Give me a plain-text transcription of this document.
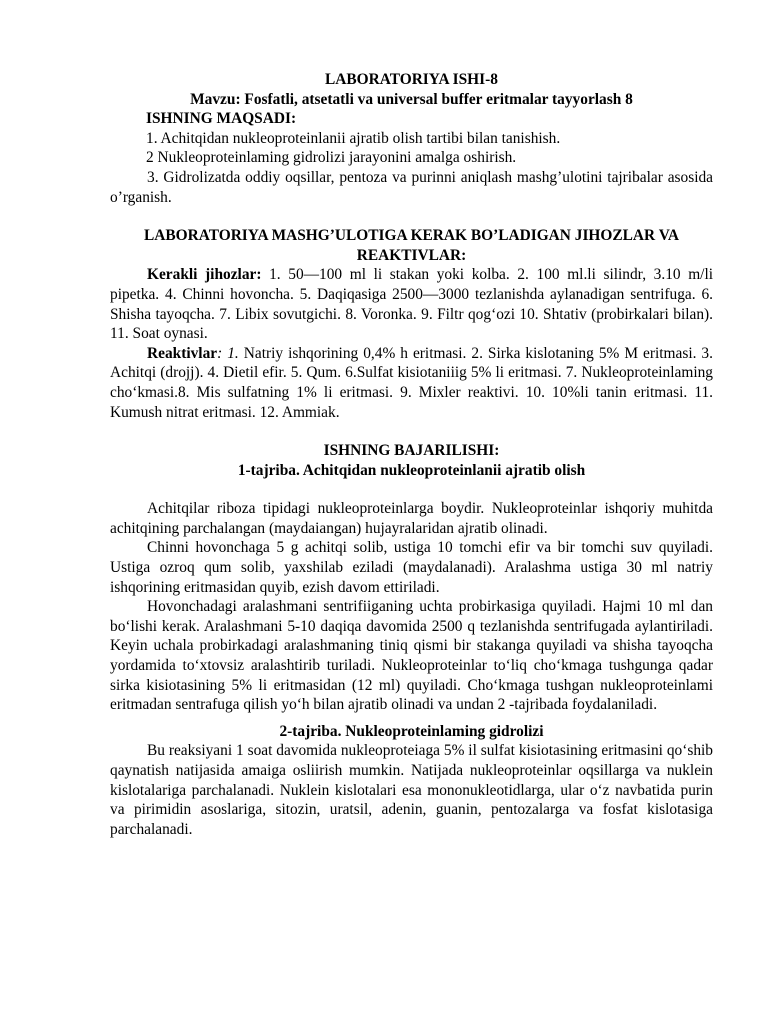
LABORATORIYA ISHI-8

Mavzu: Fosfatli, atsetatli va universal buffer eritmalar tayyorlash 8

ISHNING MAQSADI:

1. Achitqidan nukleoproteinlanii ajratib olish tartibi bilan tanishish.

2 Nukleoproteinlaming gidrolizi jarayonini amalga oshirish.

3. Gidrolizatda oddiy oqsillar, pentoza va purinni aniqlash mashg’ulotini tajribalar asosida o’rganish.

LABORATORIYA MASHG’ULOTIGA KERAK BO’LADIGAN JIHOZLAR VA REAKTIVLAR:

Kerakli jihozlar: 1. 50—100 ml li stakan yoki kolba. 2. 100 ml.li silindr, 3.10 m/li pipetka. 4. Chinni hovoncha. 5. Daqiqasiga 2500—3000 tezlanishda aylanadigan sentrifuga. 6. Shisha tayoqcha. 7. Libix sovutgichi. 8. Voronka. 9. Filtr qog‘ozi 10. Shtativ (probirkalari bilan). 11. Soat oynasi.

Reaktivlar: 1. Natriy ishqorining 0,4% h eritmasi. 2. Sirka kislotaning 5% M eritmasi. 3. Achitqi (drojj). 4. Dietil efir. 5. Qum. 6.Sulfat kisiotaniiig 5% li eritmasi. 7. Nukleoproteinlaming cho‘kmasi.8. Mis sulfatning 1% li eritmasi. 9. Mixler reaktivi. 10. 10%li tanin eritmasi. 11. Kumush nitrat eritmasi. 12. Ammiak.

ISHNING BAJARILISHI:

1-tajriba. Achitqidan nukleoproteinlanii ajratib olish

Achitqilar riboza tipidagi nukleoproteinlarga boydir. Nukleoproteinlar ishqoriy muhitda achitqining parchalangan (maydaiangan) hujayralaridan ajratib olinadi.

Chinni hovonchaga 5 g achitqi solib, ustiga 10 tomchi efir va bir tomchi suv quyiladi. Ustiga ozroq qum solib, yaxshilab eziladi (maydalanadi). Aralashma ustiga 30 ml natriy ishqorining eritmasidan quyib, ezish davom ettiriladi.

Hovonchadagi aralashmani sentrifiiganing uchta probirkasiga quyiladi. Hajmi 10 ml dan bo‘lishi kerak. Aralashmani 5-10 daqiqa davomida 2500 q tezlanishda sentrifugada aylantiriladi. Keyin uchala probirkadagi aralashmaning tiniq qismi bir stakanga quyiladi va shisha tayoqcha yordamida to‘xtovsiz aralashtirib turiladi. Nukleoproteinlar to‘liq cho‘kmaga tushgunga qadar sirka kisiotasining 5% li eritmasidan (12 ml) quyiladi. Cho‘kmaga tushgan nukleoproteinlami eritmadan sentrafuga qilish yo‘h bilan ajratib olinadi va undan 2 -tajribada foydalaniladi.

2-tajriba. Nukleoproteinlaming gidrolizi

Bu reaksiyani 1 soat davomida nukleoproteiaga 5% il sulfat kisiotasining eritmasini qo‘shib qaynatish natijasida amaiga osliirish mumkin. Natijada nukleoproteinlar oqsillarga va nuklein kislotalariga parchalanadi. Nuklein kislotalari esa mononukleotidlarga, ular o‘z navbatida purin va pirimidin asoslariga, sitozin, uratsil, adenin, guanin, pentozalarga va fosfat kislotasiga parchalanadi.
